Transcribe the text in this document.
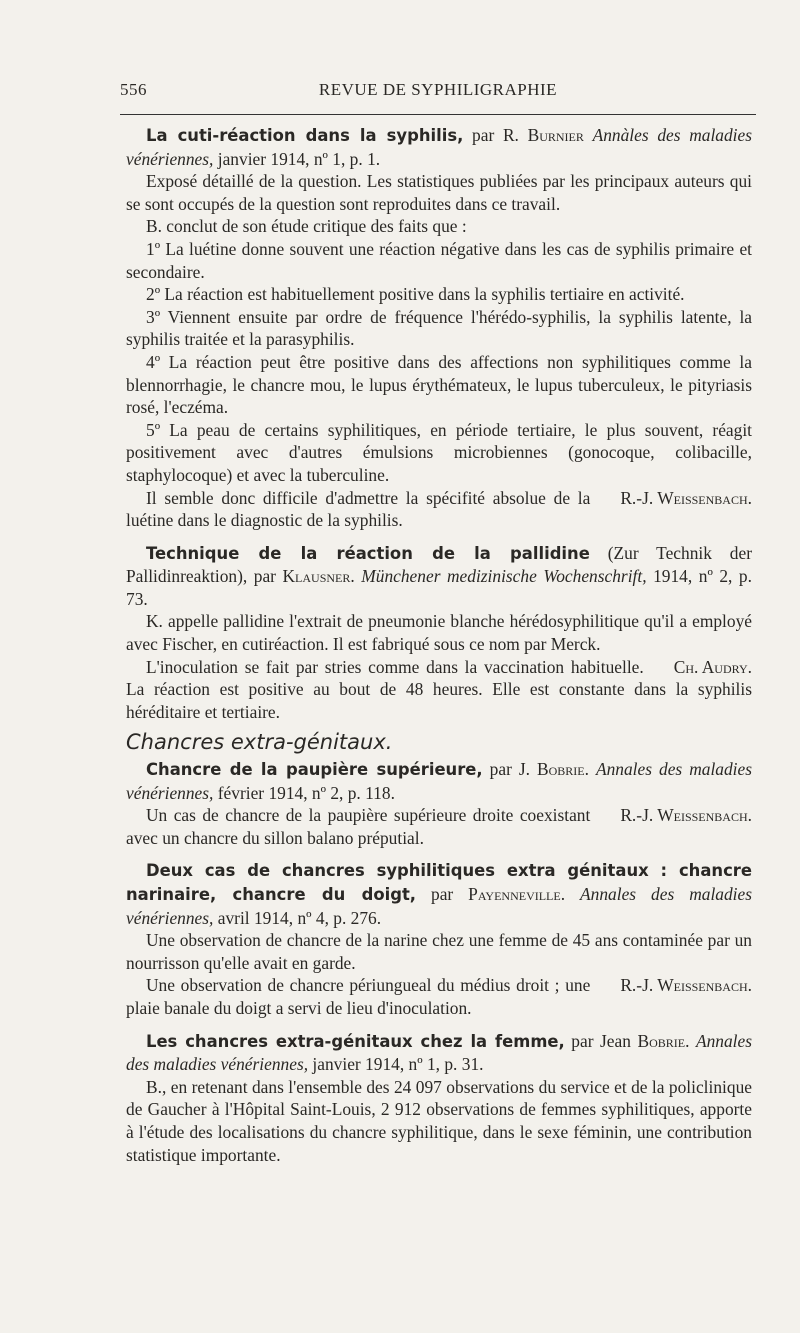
556	REVUE DE SYPHILIGRAPHIE

La cuti-réaction dans la syphilis, par R. Burnier Annàles des maladies vénériennes, janvier 1914, nº 1, p. 1.

Exposé détaillé de la question. Les statistiques publiées par les principaux auteurs qui se sont occupés de la question sont reproduites dans ce travail.

B. conclut de son étude critique des faits que :

1º La luétine donne souvent une réaction négative dans les cas de syphilis primaire et secondaire.

2º La réaction est habituellement positive dans la syphilis tertiaire en activité.

3º Viennent ensuite par ordre de fréquence l'hérédo-syphilis, la syphilis latente, la syphilis traitée et la parasyphilis.

4º La réaction peut être positive dans des affections non syphilitiques comme la blennorrhagie, le chancre mou, le lupus érythémateux, le lupus tuberculeux, le pityriasis rosé, l'eczéma.

5º La peau de certains syphilitiques, en période tertiaire, le plus souvent, réagit positivement avec d'autres émulsions microbiennes (gonocoque, colibacille, staphylocoque) et avec la tuberculine.

R.-J. Weissenbach.
Il semble donc difficile d'admettre la spécifité absolue de la luétine dans le diagnostic de la syphilis.

Technique de la réaction de la pallidine (Zur Technik der Pallidinreaktion), par Klausner. Münchener medizinische Wochenschrift, 1914, nº 2, p. 73.

K. appelle pallidine l'extrait de pneumonie blanche hérédosyphilitique qu'il a employé avec Fischer, en cutiréaction. Il est fabriqué sous ce nom par Merck.

Ch. Audry.
L'inoculation se fait par stries comme dans la vaccination habituelle. La réaction est positive au bout de 48 heures. Elle est constante dans la syphilis héréditaire et tertiaire.

Chancres extra-génitaux.

Chancre de la paupière supérieure, par J. Bobrie. Annales des maladies vénériennes, février 1914, nº 2, p. 118.

R.-J. Weissenbach.
Un cas de chancre de la paupière supérieure droite coexistant avec un chancre du sillon balano préputial.

Deux cas de chancres syphilitiques extra génitaux : chancre narinaire, chancre du doigt, par Payenneville. Annales des maladies vénériennes, avril 1914, nº 4, p. 276.

Une observation de chancre de la narine chez une femme de 45 ans contaminée par un nourrisson qu'elle avait en garde.

R.-J. Weissenbach.
Une observation de chancre périungueal du médius droit ; une plaie banale du doigt a servi de lieu d'inoculation.

Les chancres extra-génitaux chez la femme, par Jean Bobrie. Annales des maladies vénériennes, janvier 1914, nº 1, p. 31.

B., en retenant dans l'ensemble des 24 097 observations du service et de la policlinique de Gaucher à l'Hôpital Saint-Louis, 2 912 observations de femmes syphilitiques, apporte à l'étude des localisations du chancre syphilitique, dans le sexe féminin, une contribution statistique importante.
